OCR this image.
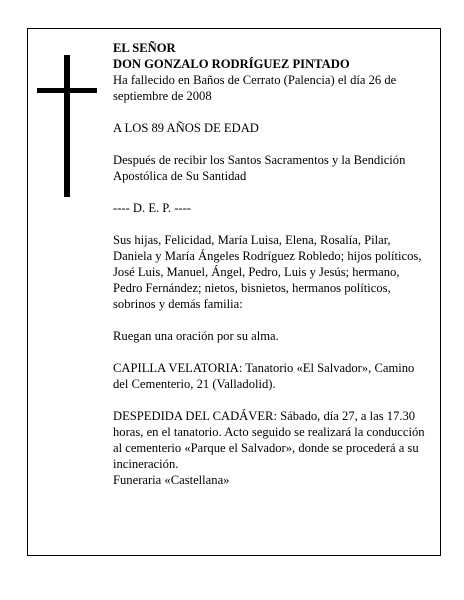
EL SEÑOR

DON GONZALO RODRÍGUEZ PINTADO

Ha fallecido en Baños de Cerrato (Palencia) el día 26 de septiembre de 2008

A LOS 89 AÑOS DE EDAD

Después de recibir los Santos Sacramentos y la Bendición Apostólica de Su Santidad

---- D. E. P. ----

Sus hijas, Felicidad, María Luisa, Elena, Rosalía, Pilar, Daniela y María Ángeles Rodríguez Robledo; hijos políticos, José Luis, Manuel, Ángel, Pedro, Luis y Jesús; hermano, Pedro Fernández; nietos, bisnietos, hermanos políticos, sobrinos y demás familia:

Ruegan una oración por su alma.

CAPILLA VELATORIA: Tanatorio «El Salvador», Camino del Cementerio, 21 (Valladolid).

DESPEDIDA DEL CADÁVER: Sábado, día 27, a las 17.30 horas, en el tanatorio. Acto seguido se realizará la conducción al cementerio «Parque el Salvador», donde se procederá a su incineración.

Funeraria «Castellana»
